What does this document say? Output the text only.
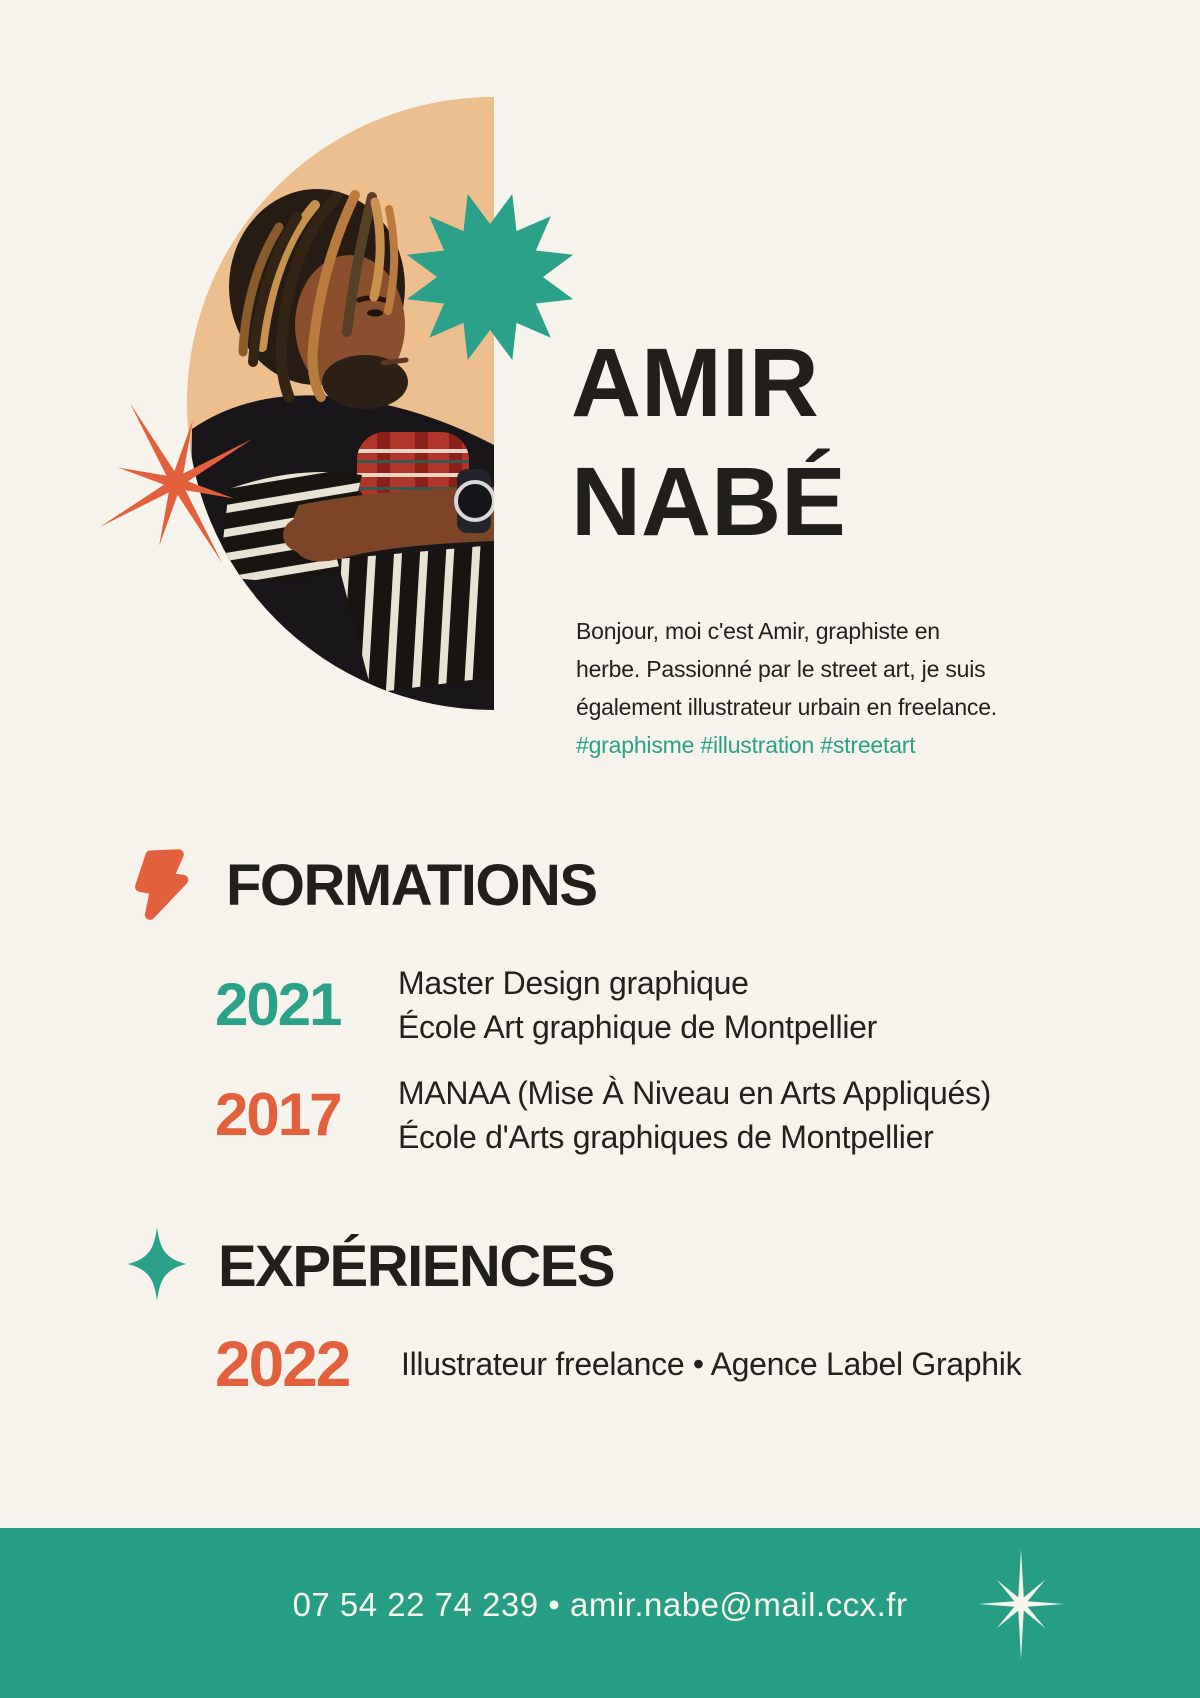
AMIR
NABÉ
Bonjour, moi c'est Amir, graphiste en
herbe. Passionné par le street art, je suis
également illustrateur urbain en freelance.
#graphisme #illustration #streetart
FORMATIONS
2021	Master Design graphique
École Art graphique de Montpellier
2017	MANAA (Mise À Niveau en Arts Appliqués)
École d'Arts graphiques de Montpellier
EXPÉRIENCES
2022	Illustrateur freelance • Agence Label Graphik
07 54 22 74 239 • amir.nabe@mail.ccx.fr
